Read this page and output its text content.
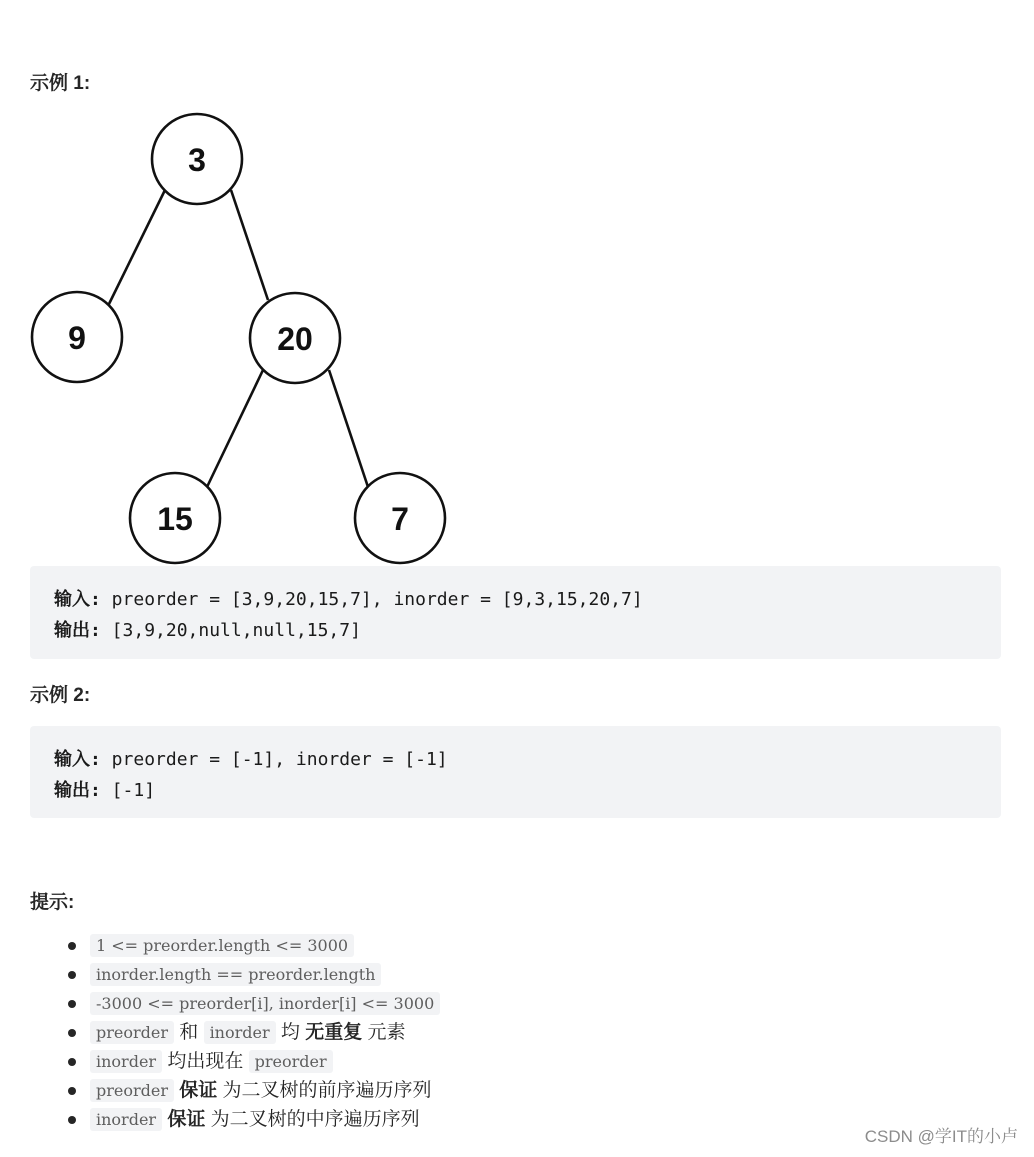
示例 1:
3
9	20
15	7
输入: preorder = [3,9,20,15,7], inorder = [9,3,15,20,7]
输出: [3,9,20,null,null,15,7]
示例 2:
输入: preorder = [-1], inorder = [-1]
输出: [-1]
提示:
1 <= preorder.length <= 3000
inorder.length == preorder.length
-3000 <= preorder[i], inorder[i] <= 3000
preorder 和 inorder 均 无重复 元素
inorder 均出现在 preorder
preorder 保证 为二叉树的前序遍历序列
inorder 保证 为二叉树的中序遍历序列
CSDN @学IT的小卢
